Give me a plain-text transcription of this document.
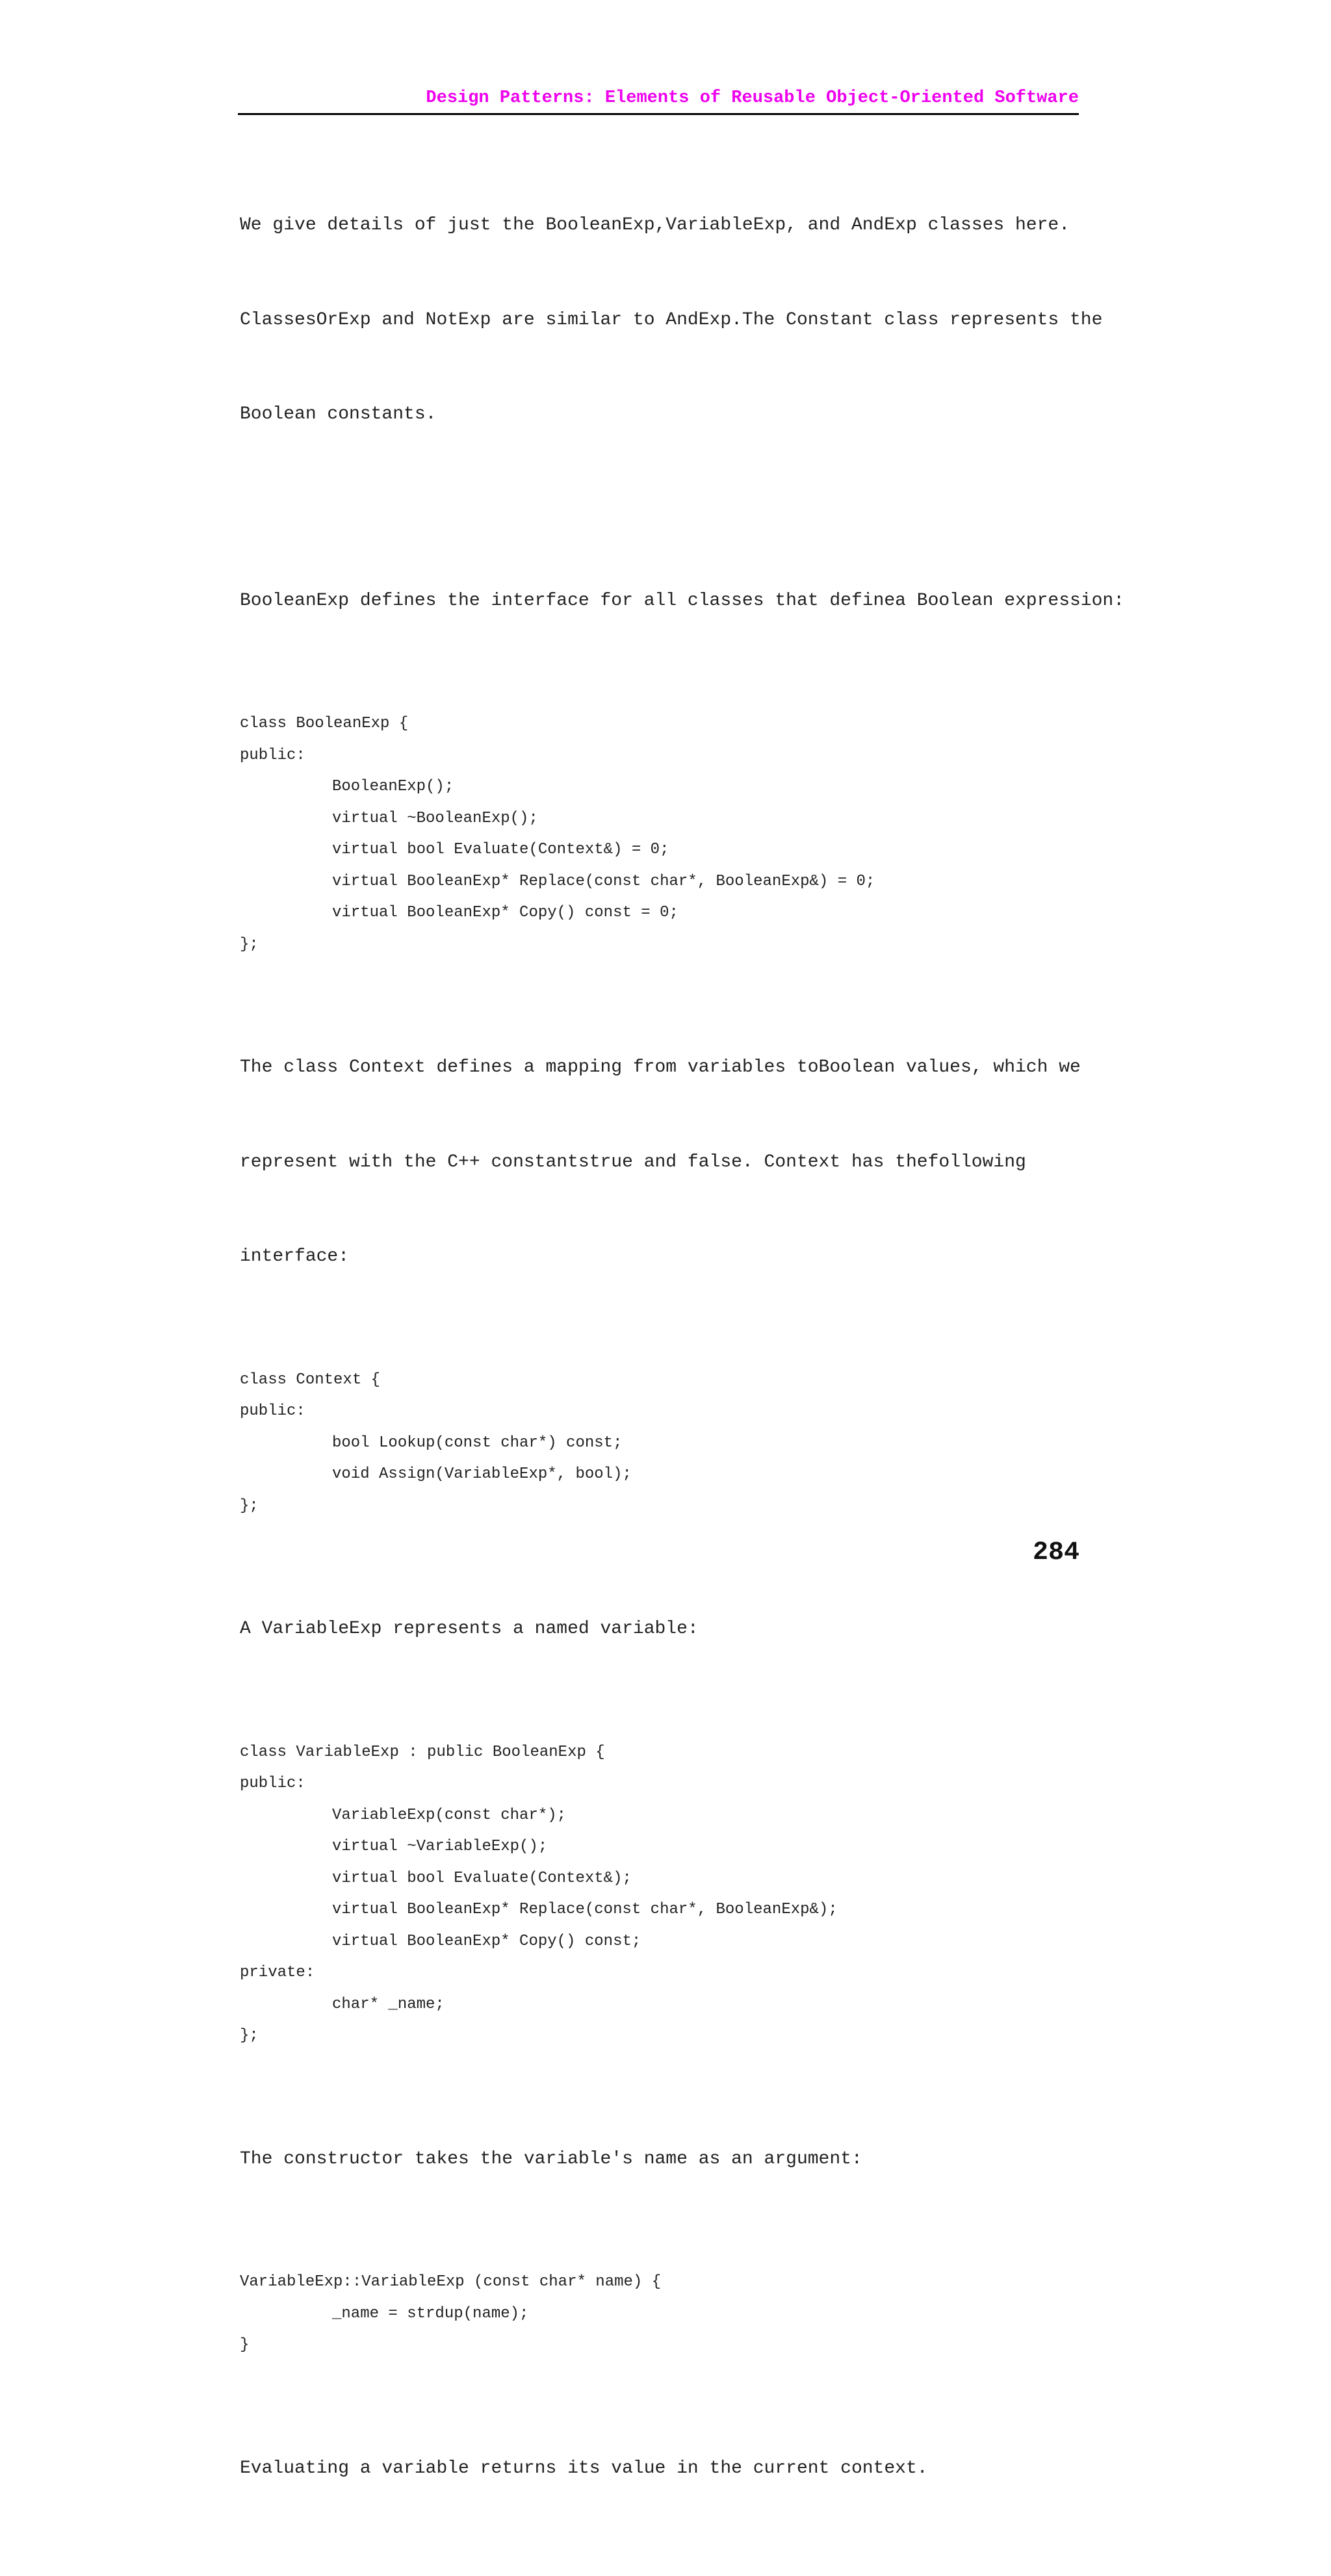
Design Patterns: Elements of Reusable Object-Oriented Software

We give details of just the BooleanExp,VariableExp, and AndExp classes here.

ClassesOrExp and NotExp are similar to AndExp.The Constant class represents the

Boolean constants.

BooleanExp defines the interface for all classes that definea Boolean expression:

class BooleanExp {
public:
BooleanExp();
virtual ~BooleanExp();
virtual bool Evaluate(Context&) = 0;
virtual BooleanExp* Replace(const char*, BooleanExp&) = 0;
virtual BooleanExp* Copy() const = 0;
};

The class Context defines a mapping from variables toBoolean values, which we

represent with the C++ constantstrue and false. Context has thefollowing

interface:

class Context {
public:
bool Lookup(const char*) const;
void Assign(VariableExp*, bool);
};

A VariableExp represents a named variable:

class VariableExp : public BooleanExp {
public:
VariableExp(const char*);
virtual ~VariableExp();
virtual bool Evaluate(Context&);
virtual BooleanExp* Replace(const char*, BooleanExp&);
virtual BooleanExp* Copy() const;
private:
char* _name;
};

The constructor takes the variable's name as an argument:

VariableExp::VariableExp (const char* name) {
_name = strdup(name);
}

Evaluating a variable returns its value in the current context.

284
